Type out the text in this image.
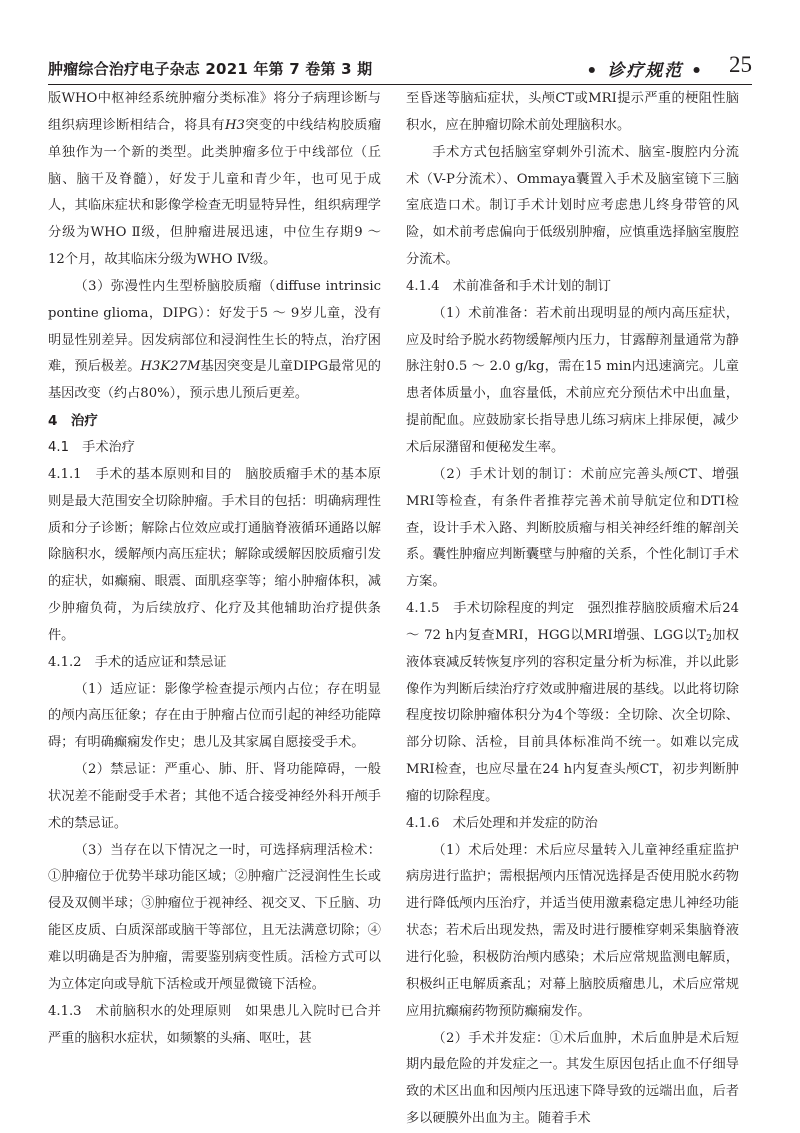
肿瘤综合治疗电子杂志 2021 年第 7 卷第 3 期	• 诊疗规范 • 25

版WHO中枢神经系统肿瘤分类标准》将分子病理诊断与组织病理诊断相结合，将具有H3突变的中线结构胶质瘤单独作为一个新的类型。此类肿瘤多位于中线部位（丘脑、脑干及脊髓），好发于儿童和青少年，也可见于成人，其临床症状和影像学检查无明显特异性，组织病理学分级为WHO Ⅱ级，但肿瘤进展迅速，中位生存期9 ～ 12个月，故其临床分级为WHO Ⅳ级。

（3）弥漫性内生型桥脑胶质瘤（diffuse intrinsic pontine glioma，DIPG）：好发于5 ～ 9岁儿童，没有明显性别差异。因发病部位和浸润性生长的特点，治疗困难，预后极差。H3K27M基因突变是儿童DIPG最常见的基因改变（约占80%），预示患儿预后更差。

4　治疗

4.1　手术治疗

4.1.1　手术的基本原则和目的　脑胶质瘤手术的基本原则是最大范围安全切除肿瘤。手术目的包括：明确病理性质和分子诊断；解除占位效应或打通脑脊液循环通路以解除脑积水，缓解颅内高压症状；解除或缓解因胶质瘤引发的症状，如癫痫、眼震、面肌痉挛等；缩小肿瘤体积，减少肿瘤负荷，为后续放疗、化疗及其他辅助治疗提供条件。

4.1.2　手术的适应证和禁忌证

（1）适应证：影像学检查提示颅内占位；存在明显的颅内高压征象；存在由于肿瘤占位而引起的神经功能障碍；有明确癫痫发作史；患儿及其家属自愿接受手术。

（2）禁忌证：严重心、肺、肝、肾功能障碍，一般状况差不能耐受手术者；其他不适合接受神经外科开颅手术的禁忌证。

（3）当存在以下情况之一时，可选择病理活检术：①肿瘤位于优势半球功能区域；②肿瘤广泛浸润性生长或侵及双侧半球；③肿瘤位于视神经、视交叉、下丘脑、功能区皮质、白质深部或脑干等部位，且无法满意切除；④难以明确是否为肿瘤，需要鉴别病变性质。活检方式可以为立体定向或导航下活检或开颅显微镜下活检。

4.1.3　术前脑积水的处理原则　如果患儿入院时已合并严重的脑积水症状，如频繁的头痛、呕吐，甚

至昏迷等脑疝症状，头颅CT或MRI提示严重的梗阻性脑积水，应在肿瘤切除术前处理脑积水。

手术方式包括脑室穿刺外引流术、脑室-腹腔内分流术（V-P分流术）、Ommaya囊置入手术及脑室镜下三脑室底造口术。制订手术计划时应考虑患儿终身带管的风险，如术前考虑偏向于低级别肿瘤，应慎重选择脑室腹腔分流术。

4.1.4　术前准备和手术计划的制订

（1）术前准备：若术前出现明显的颅内高压症状，应及时给予脱水药物缓解颅内压力，甘露醇剂量通常为静脉注射0.5 ～ 2.0 g/kg，需在15 min内迅速滴完。儿童患者体质量小，血容量低，术前应充分预估术中出血量，提前配血。应鼓励家长指导患儿练习病床上排尿便，减少术后尿潴留和便秘发生率。

（2）手术计划的制订：术前应完善头颅CT、增强MRI等检查，有条件者推荐完善术前导航定位和DTI检查，设计手术入路、判断胶质瘤与相关神经纤维的解剖关系。囊性肿瘤应判断囊壁与肿瘤的关系，个性化制订手术方案。

4.1.5　手术切除程度的判定　强烈推荐脑胶质瘤术后24 ～ 72 h内复查MRI，HGG以MRI增强、LGG以$T_2$加权液体衰减反转恢复序列的容积定量分析为标准，并以此影像作为判断后续治疗疗效或肿瘤进展的基线。以此将切除程度按切除肿瘤体积分为4个等级：全切除、次全切除、部分切除、活检，目前具体标准尚不统一。如难以完成MRI检查，也应尽量在24 h内复查头颅CT，初步判断肿瘤的切除程度。

4.1.6　术后处理和并发症的防治

（1）术后处理：术后应尽量转入儿童神经重症监护病房进行监护；需根据颅内压情况选择是否使用脱水药物进行降低颅内压治疗，并适当使用激素稳定患儿神经功能状态；若术后出现发热，需及时进行腰椎穿刺采集脑脊液进行化验，积极防治颅内感染；术后应常规监测电解质，积极纠正电解质紊乱；对幕上脑胶质瘤患儿，术后应常规应用抗癫痫药物预防癫痫发作。

（2）手术并发症：①术后血肿，术后血肿是术后短期内最危险的并发症之一。其发生原因包括止血不仔细导致的术区出血和因颅内压迅速下降导致的远端出血，后者多以硬膜外出血为主。随着手术
